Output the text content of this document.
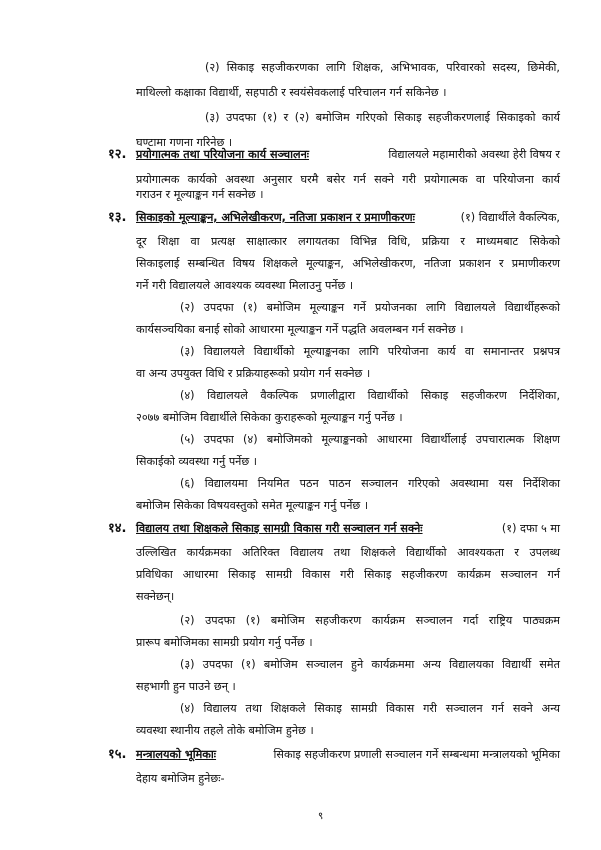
(२) सिकाइ सहजीकरणका लागि शिक्षक, अभिभावक, परिवारको सदस्य, छिमेकी,
माथिल्लो कक्षाका विद्यार्थी, सहपाठी र स्वयंसेवकलाई परिचालन गर्न सकिनेछ ।
(३) उपदफा (१) र (२) बमोजिम गरिएको सिकाइ सहजीकरणलाई सिकाइको कार्य
घण्टामा गणना गरिनेछ ।
१२. प्रयोगात्मक तथा परियोजना कार्य सञ्चालनः	विद्यालयले महामारीको अवस्था हेरी विषय र
प्रयोगात्मक कार्यको अवस्था अनुसार घरमै बसेर गर्न सक्ने गरी प्रयोगात्मक वा परियोजना कार्य
गराउन र मूल्याङ्कन गर्न सक्नेछ ।
१३. सिकाइको मूल्याङ्कन, अभिलेखीकरण, नतिजा प्रकाशन र प्रमाणीकरणः	(१) विद्यार्थीले वैकल्पिक,
दूर शिक्षा वा प्रत्यक्ष साक्षात्कार लगायतका विभिन्न विधि, प्रक्रिया र माध्यमबाट सिकेको
सिकाइलाई सम्बन्धित विषय शिक्षकले मूल्याङ्कन, अभिलेखीकरण, नतिजा प्रकाशन र प्रमाणीकरण
गर्ने गरी विद्यालयले आवश्यक व्यवस्था मिलाउनु पर्नेछ ।
(२) उपदफा (१) बमोजिम मूल्याङ्कन गर्ने प्रयोजनका लागि विद्यालयले विद्यार्थीहरूको
कार्यसञ्चयिका बनाई सोको आधारमा मूल्याङ्कन गर्ने पद्धति अवलम्बन गर्न सक्नेछ ।
(३) विद्यालयले विद्यार्थीको मूल्याङ्कनका लागि परियोजना कार्य वा समानान्तर प्रश्नपत्र
वा अन्य उपयुक्त विधि र प्रक्रियाहरूको प्रयोग गर्न सक्नेछ ।
(४) विद्यालयले वैकल्पिक प्रणालीद्वारा विद्यार्थीको सिकाइ सहजीकरण निर्देशिका,
२०७७ बमोजिम विद्यार्थीले सिकेका कुराहरूको मूल्याङ्कन गर्नु पर्नेछ ।
(५) उपदफा (४) बमोजिमको मूल्याङ्कनको आधारमा विद्यार्थीलाई उपचारात्मक शिक्षण
सिकाईको व्यवस्था गर्नु पर्नेछ ।
(६) विद्यालयमा नियमित पठन पाठन सञ्चालन गरिएको अवस्थामा यस निर्देशिका
बमोजिम सिकेका विषयवस्तुको समेत मूल्याङ्कन गर्नु पर्नेछ ।
१४. विद्यालय तथा शिक्षकले सिकाइ सामग्री विकास गरी सञ्चालन गर्न सक्नेः	(१) दफा ५ मा
उल्लिखित कार्यक्रमका अतिरिक्त विद्यालय तथा शिक्षकले विद्यार्थीको आवश्यकता र उपलब्ध
प्रविधिका आधारमा सिकाइ सामग्री विकास गरी सिकाइ सहजीकरण कार्यक्रम सञ्चालन गर्न
सक्नेछन्।
(२) उपदफा (१) बमोजिम सहजीकरण कार्यक्रम सञ्चालन गर्दा राष्ट्रिय पाठ्यक्रम
प्रारूप बमोजिमका सामग्री प्रयोग गर्नु पर्नेछ ।
(३) उपदफा (१) बमोजिम सञ्चालन हुने कार्यक्रममा अन्य विद्यालयका विद्यार्थी समेत
सहभागी हुन पाउने छन् ।
(४) विद्यालय तथा शिक्षकले सिकाइ सामग्री विकास गरी सञ्चालन गर्न सक्ने अन्य
व्यवस्था स्थानीय तहले तोके बमोजिम हुनेछ ।
१५. मन्त्रालयको भूमिकाः	सिकाइ सहजीकरण प्रणाली सञ्चालन गर्ने सम्बन्धमा मन्त्रालयको भूमिका
देहाय बमोजिम हुनेछः-
९
